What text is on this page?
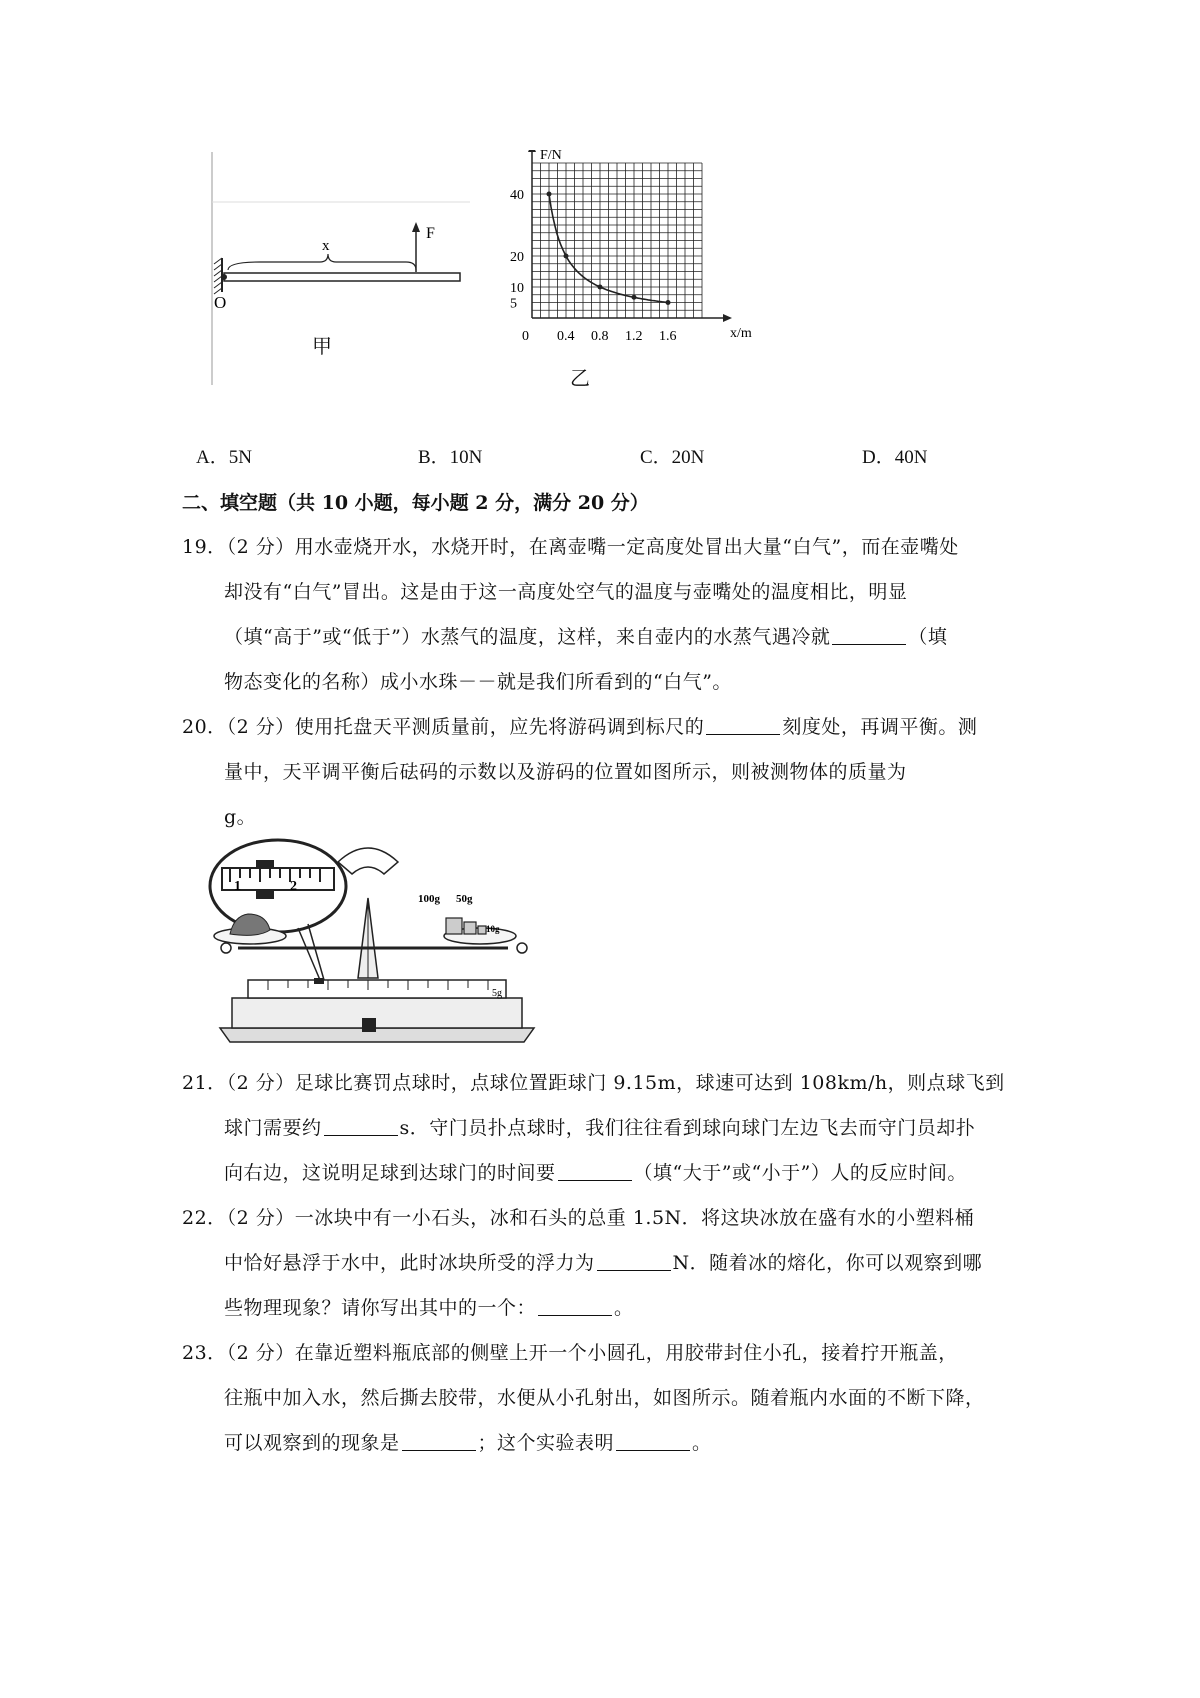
x
F
O
甲
F/N
x/m
40
20
10
5
0 0.4 0.8 1.2 1.6
乙
A．5N	B．10N	C．20N	D．40N
二、填空题（共 10 小题，每小题 2 分，满分 20 分）
19．（2 分）用水壶烧开水，水烧开时，在离壶嘴一定高度处冒出大量“白气”，而在壶嘴处
却没有“白气”冒出。这是由于这一高度处空气的温度与壶嘴处的温度相比，明显
（填“高于”或“低于”）水蒸气的温度，这样，来自壶内的水蒸气遇冷就	（填
物态变化的名称）成小水珠－－就是我们所看到的“白气”。
20．（2 分）使用托盘天平测质量前，应先将游码调到标尺的	刻度处，再调平衡。测
量中，天平调平衡后砝码的示数以及游码的位置如图所示，则被测物体的质量为
g。
1	2
5g
100g 50g
10g
21．（2 分）足球比赛罚点球时，点球位置距球门 9.15m，球速可达到 108km/h，则点球飞到
球门需要约	s．守门员扑点球时，我们往往看到球向球门左边飞去而守门员却扑
向右边，这说明足球到达球门的时间要	（填“大于”或“小于”）人的反应时间。
22．（2 分）一冰块中有一小石头，冰和石头的总重 1.5N．将这块冰放在盛有水的小塑料桶
中恰好悬浮于水中，此时冰块所受的浮力为	N．随着冰的熔化，你可以观察到哪
些物理现象？请你写出其中的一个：	。
23．（2 分）在靠近塑料瓶底部的侧壁上开一个小圆孔，用胶带封住小孔，接着拧开瓶盖，
往瓶中加入水，然后撕去胶带，水便从小孔射出，如图所示。随着瓶内水面的不断下降，
可以观察到的现象是	；这个实验表明	。
